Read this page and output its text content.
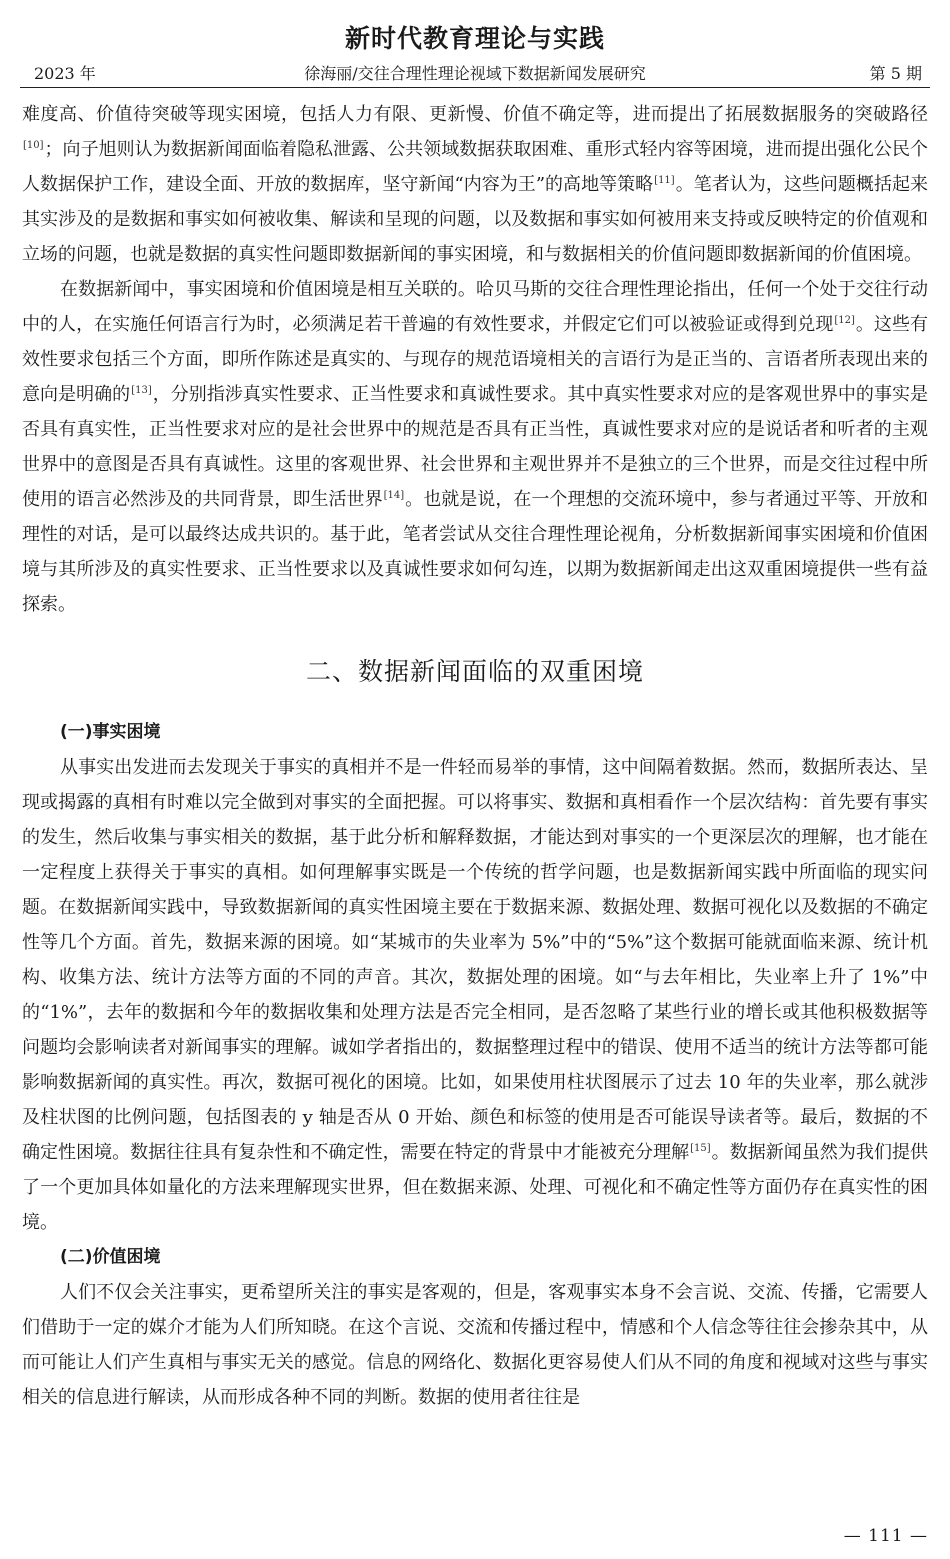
新时代教育理论与实践
2023 年	徐海丽/交往合理性理论视域下数据新闻发展研究	第 5 期

难度高、价值待突破等现实困境，包括人力有限、更新慢、价值不确定等，进而提出了拓展数据服务的突破路径[10]；向子旭则认为数据新闻面临着隐私泄露、公共领域数据获取困难、重形式轻内容等困境，进而提出强化公民个人数据保护工作，建设全面、开放的数据库，坚守新闻“内容为王”的高地等策略[11]。笔者认为，这些问题概括起来其实涉及的是数据和事实如何被收集、解读和呈现的问题，以及数据和事实如何被用来支持或反映特定的价值观和立场的问题，也就是数据的真实性问题即数据新闻的事实困境，和与数据相关的价值问题即数据新闻的价值困境。

在数据新闻中，事实困境和价值困境是相互关联的。哈贝马斯的交往合理性理论指出，任何一个处于交往行动中的人，在实施任何语言行为时，必须满足若干普遍的有效性要求，并假定它们可以被验证或得到兑现[12]。这些有效性要求包括三个方面，即所作陈述是真实的、与现存的规范语境相关的言语行为是正当的、言语者所表现出来的意向是明确的[13]，分别指涉真实性要求、正当性要求和真诚性要求。其中真实性要求对应的是客观世界中的事实是否具有真实性，正当性要求对应的是社会世界中的规范是否具有正当性，真诚性要求对应的是说话者和听者的主观世界中的意图是否具有真诚性。这里的客观世界、社会世界和主观世界并不是独立的三个世界，而是交往过程中所使用的语言必然涉及的共同背景，即生活世界[14]。也就是说，在一个理想的交流环境中，参与者通过平等、开放和理性的对话，是可以最终达成共识的。基于此，笔者尝试从交往合理性理论视角，分析数据新闻事实困境和价值困境与其所涉及的真实性要求、正当性要求以及真诚性要求如何勾连，以期为数据新闻走出这双重困境提供一些有益探索。

二、数据新闻面临的双重困境
(一)事实困境

从事实出发进而去发现关于事实的真相并不是一件轻而易举的事情，这中间隔着数据。然而，数据所表达、呈现或揭露的真相有时难以完全做到对事实的全面把握。可以将事实、数据和真相看作一个层次结构：首先要有事实的发生，然后收集与事实相关的数据，基于此分析和解释数据，才能达到对事实的一个更深层次的理解，也才能在一定程度上获得关于事实的真相。如何理解事实既是一个传统的哲学问题，也是数据新闻实践中所面临的现实问题。在数据新闻实践中，导致数据新闻的真实性困境主要在于数据来源、数据处理、数据可视化以及数据的不确定性等几个方面。首先，数据来源的困境。如“某城市的失业率为 5%”中的“5%”这个数据可能就面临来源、统计机构、收集方法、统计方法等方面的不同的声音。其次，数据处理的困境。如“与去年相比，失业率上升了 1%”中的“1%”，去年的数据和今年的数据收集和处理方法是否完全相同，是否忽略了某些行业的增长或其他积极数据等问题均会影响读者对新闻事实的理解。诚如学者指出的，数据整理过程中的错误、使用不适当的统计方法等都可能影响数据新闻的真实性。再次，数据可视化的困境。比如，如果使用柱状图展示了过去 10 年的失业率，那么就涉及柱状图的比例问题，包括图表的 y 轴是否从 0 开始、颜色和标签的使用是否可能误导读者等。最后，数据的不确定性困境。数据往往具有复杂性和不确定性，需要在特定的背景中才能被充分理解[15]。数据新闻虽然为我们提供了一个更加具体如量化的方法来理解现实世界，但在数据来源、处理、可视化和不确定性等方面仍存在真实性的困境。

(二)价值困境

人们不仅会关注事实，更希望所关注的事实是客观的，但是，客观事实本身不会言说、交流、传播，它需要人们借助于一定的媒介才能为人们所知晓。在这个言说、交流和传播过程中，情感和个人信念等往往会掺杂其中，从而可能让人们产生真相与事实无关的感觉。信息的网络化、数据化更容易使人们从不同的角度和视域对这些与事实相关的信息进行解读，从而形成各种不同的判断。数据的使用者往往是

— 111 —
